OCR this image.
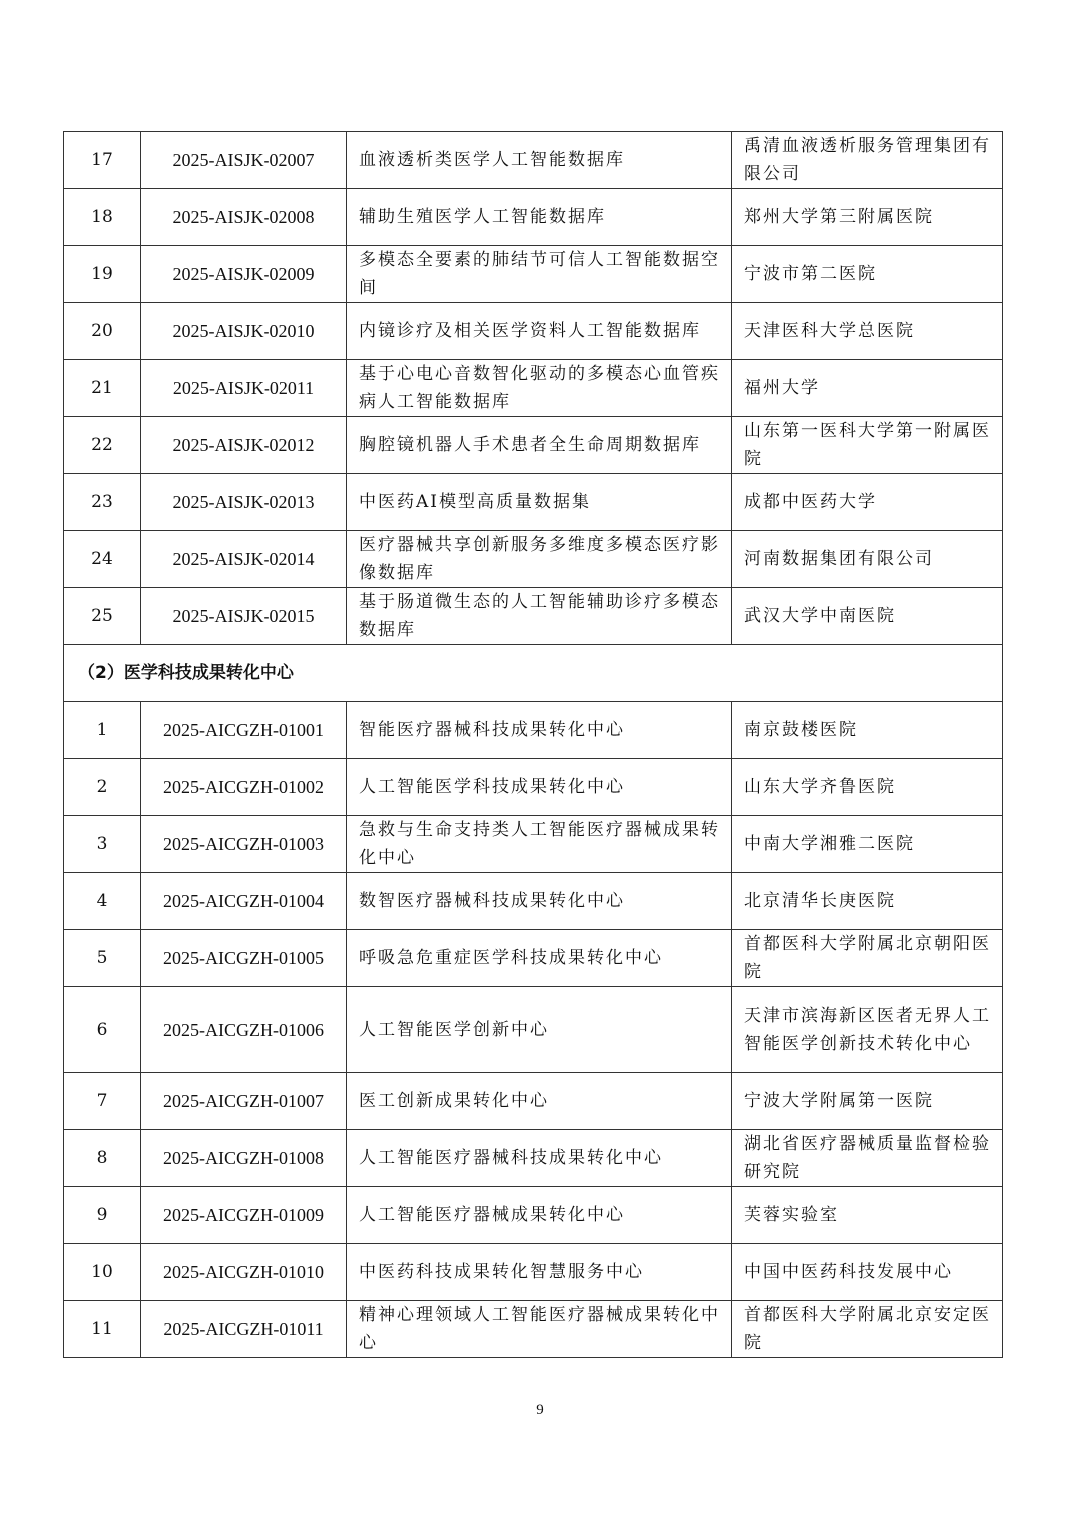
17	2025-AISJK-02007	血液透析类医学人工智能数据库	禹清血液透析服务管理集团有限公司
18	2025-AISJK-02008	辅助生殖医学人工智能数据库	郑州大学第三附属医院
19	2025-AISJK-02009	多模态全要素的肺结节可信人工智能数据空间	宁波市第二医院
20	2025-AISJK-02010	内镜诊疗及相关医学资料人工智能数据库	天津医科大学总医院
21	2025-AISJK-02011	基于心电心音数智化驱动的多模态心血管疾病人工智能数据库	福州大学
22	2025-AISJK-02012	胸腔镜机器人手术患者全生命周期数据库	山东第一医科大学第一附属医院
23	2025-AISJK-02013	中医药AI模型高质量数据集	成都中医药大学
24	2025-AISJK-02014	医疗器械共享创新服务多维度多模态医疗影像数据库	河南数据集团有限公司
25	2025-AISJK-02015	基于肠道微生态的人工智能辅助诊疗多模态数据库	武汉大学中南医院
（2）医学科技成果转化中心			
1	2025-AICGZH-01001	智能医疗器械科技成果转化中心	南京鼓楼医院
2	2025-AICGZH-01002	人工智能医学科技成果转化中心	山东大学齐鲁医院
3	2025-AICGZH-01003	急救与生命支持类人工智能医疗器械成果转化中心	中南大学湘雅二医院
4	2025-AICGZH-01004	数智医疗器械科技成果转化中心	北京清华长庚医院
5	2025-AICGZH-01005	呼吸急危重症医学科技成果转化中心	首都医科大学附属北京朝阳医院
6	2025-AICGZH-01006	人工智能医学创新中心	天津市滨海新区医者无界人工智能医学创新技术转化中心
7	2025-AICGZH-01007	医工创新成果转化中心	宁波大学附属第一医院
8	2025-AICGZH-01008	人工智能医疗器械科技成果转化中心	湖北省医疗器械质量监督检验研究院
9	2025-AICGZH-01009	人工智能医疗器械成果转化中心	芙蓉实验室
10	2025-AICGZH-01010	中医药科技成果转化智慧服务中心	中国中医药科技发展中心
11	2025-AICGZH-01011	精神心理领域人工智能医疗器械成果转化中心	首都医科大学附属北京安定医院
9
